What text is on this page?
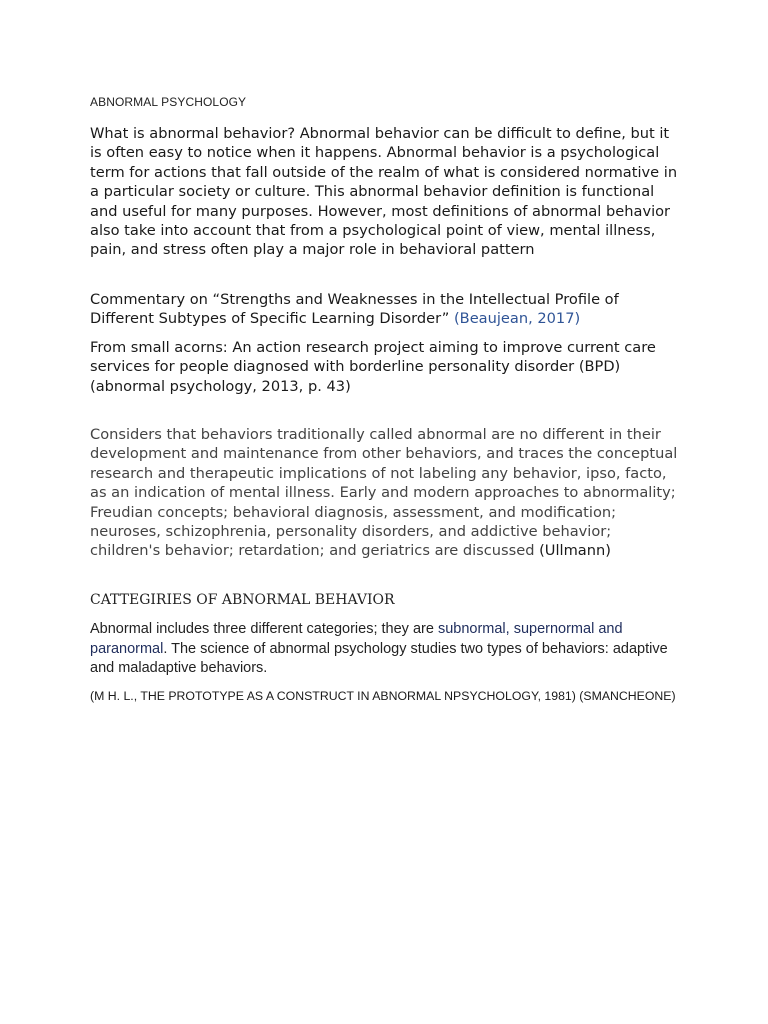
ABNORMAL PSYCHOLOGY

What is abnormal behavior? Abnormal behavior can be difficult to define, but it is often easy to notice when it happens. Abnormal behavior is a psychological term for actions that fall outside of the realm of what is considered normative in a particular society or culture. This abnormal behavior definition is functional and useful for many purposes. However, most definitions of abnormal behavior also take into account that from a psychological point of view, mental illness, pain, and stress often play a major role in behavioral pattern

Commentary on “Strengths and Weaknesses in the Intellectual Profile of Different Subtypes of Specific Learning Disorder” (Beaujean, 2017)

From small acorns: An action research project aiming to improve current care services for people diagnosed with borderline personality disorder (BPD) (abnormal psychology, 2013, p. 43)

Considers that behaviors traditionally called abnormal are no different in their development and maintenance from other behaviors, and traces the conceptual research and therapeutic implications of not labeling any behavior, ipso, facto, as an indication of mental illness. Early and modern approaches to abnormality; Freudian concepts; behavioral diagnosis, assessment, and modification; neuroses, schizophrenia, personality disorders, and addictive behavior; children's behavior; retardation; and geriatrics are discussed (Ullmann)

CATTEGIRIES OF ABNORMAL BEHAVIOR

Abnormal includes three different categories; they are subnormal, supernormal and paranormal. The science of abnormal psychology studies two types of behaviors: adaptive and maladaptive behaviors.

(M H. L., THE PROTOTYPE AS A CONSTRUCT IN ABNORMAL NPSYCHOLOGY, 1981) (SMANCHEONE)
